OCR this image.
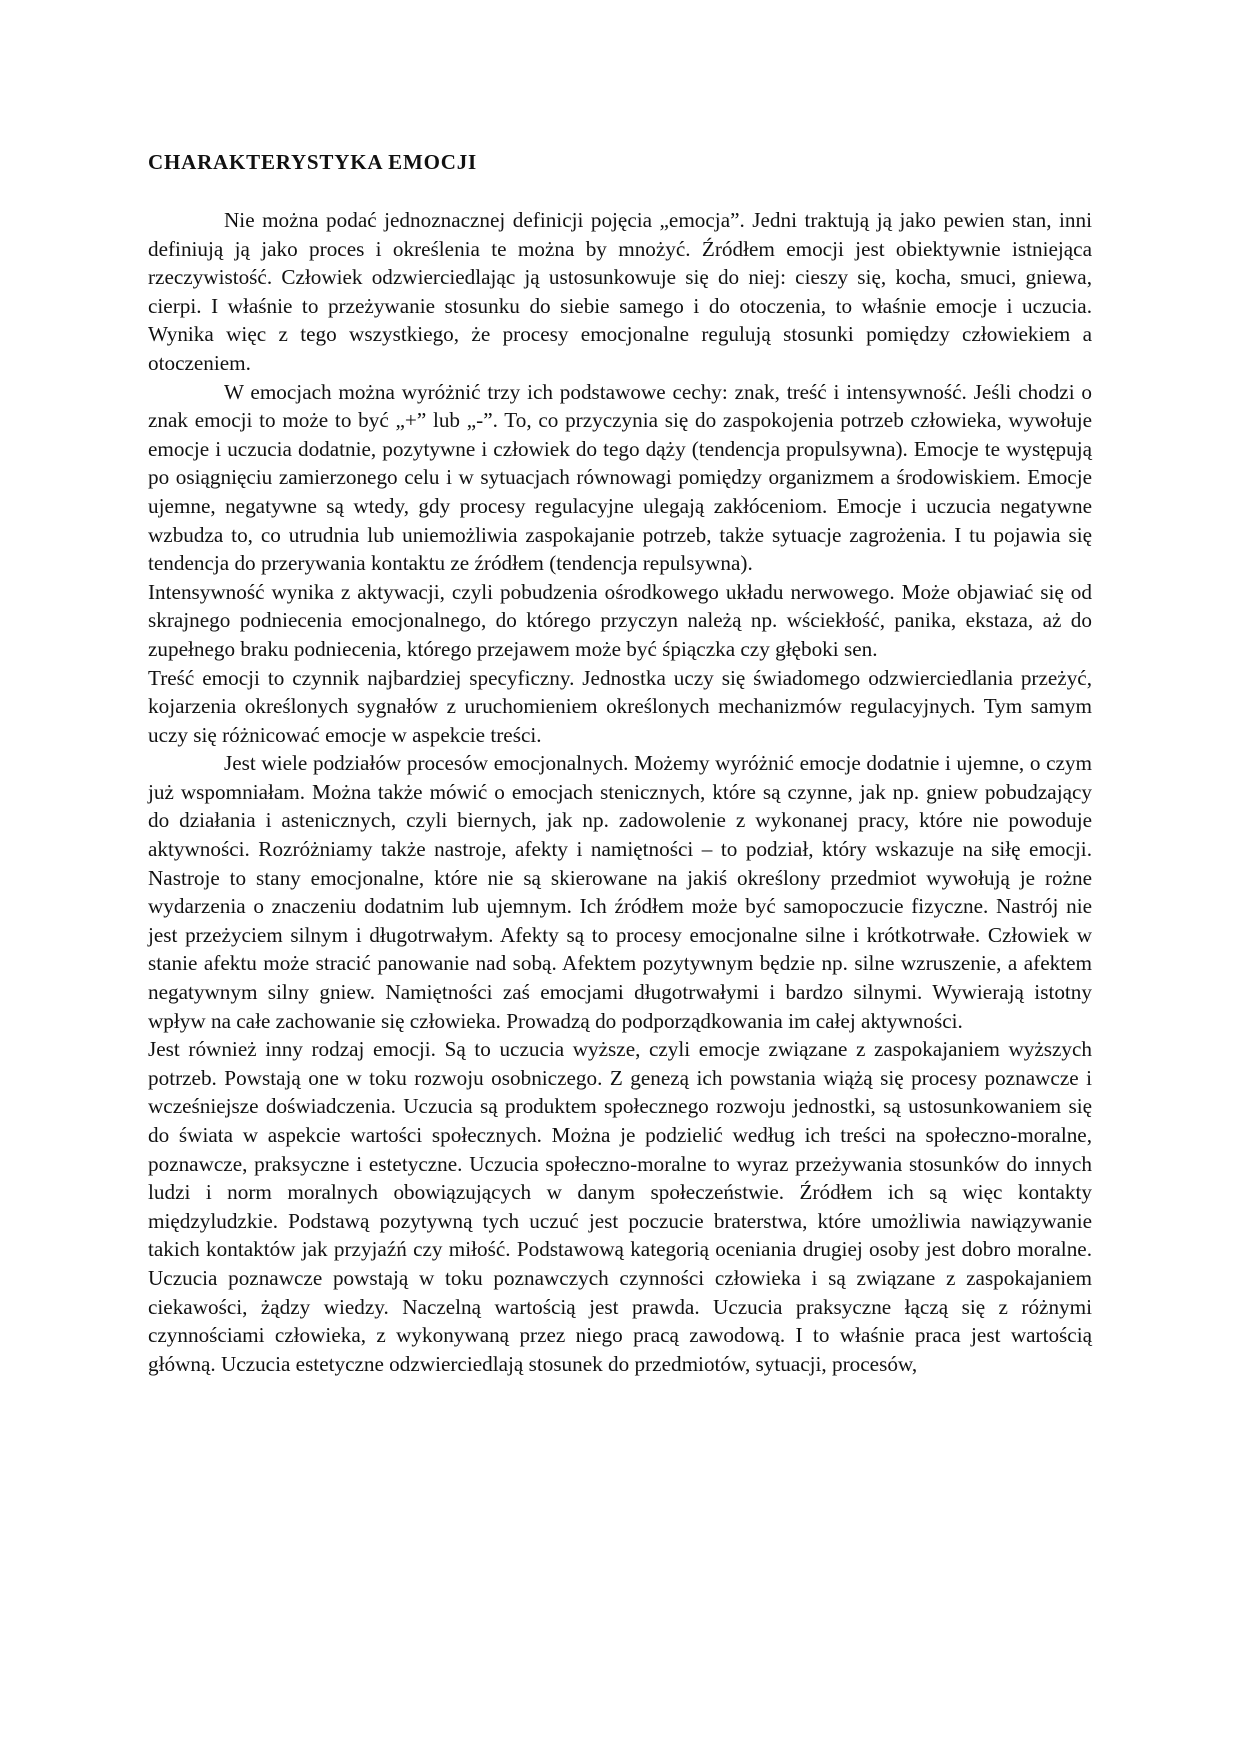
CHARAKTERYSTYKA EMOCJI

Nie można podać jednoznacznej definicji pojęcia „emocja”. Jedni traktują ją jako pewien stan, inni definiują ją jako proces i określenia te można by mnożyć. Źródłem emocji jest obiektywnie istniejąca rzeczywistość. Człowiek odzwierciedlając ją ustosunkowuje się do niej: cieszy się, kocha, smuci, gniewa, cierpi. I właśnie to przeżywanie stosunku do siebie samego i do otoczenia, to właśnie emocje i uczucia. Wynika więc z tego wszystkiego, że procesy emocjonalne regulują stosunki pomiędzy człowiekiem a otoczeniem.

W emocjach można wyróżnić trzy ich podstawowe cechy: znak, treść i intensywność. Jeśli chodzi o znak emocji to może to być „+” lub „-”. To, co przyczynia się do zaspokojenia potrzeb człowieka, wywołuje emocje i uczucia dodatnie, pozytywne i człowiek do tego dąży (tendencja propulsywna). Emocje te występują po osiągnięciu zamierzonego celu i w sytuacjach równowagi pomiędzy organizmem a środowiskiem. Emocje ujemne, negatywne są wtedy, gdy procesy regulacyjne ulegają zakłóceniom. Emocje i uczucia negatywne wzbudza to, co utrudnia lub uniemożliwia zaspokajanie potrzeb, także sytuacje zagrożenia. I tu pojawia się tendencja do przerywania kontaktu ze źródłem (tendencja repulsywna).

Intensywność wynika z aktywacji, czyli pobudzenia ośrodkowego układu nerwowego. Może objawiać się od skrajnego podniecenia emocjonalnego, do którego przyczyn należą np. wściekłość, panika, ekstaza, aż do zupełnego braku podniecenia, którego przejawem może być śpiączka czy głęboki sen.

Treść emocji to czynnik najbardziej specyficzny. Jednostka uczy się świadomego odzwierciedlania przeżyć, kojarzenia określonych sygnałów z uruchomieniem określonych mechanizmów regulacyjnych. Tym samym uczy się różnicować emocje w aspekcie treści.

Jest wiele podziałów procesów emocjonalnych. Możemy wyróżnić emocje dodatnie i ujemne, o czym już wspomniałam. Można także mówić o emocjach stenicznych, które są czynne, jak np. gniew pobudzający do działania i astenicznych, czyli biernych, jak np. zadowolenie z wykonanej pracy, które nie powoduje aktywności. Rozróżniamy także nastroje, afekty i namiętności – to podział, który wskazuje na siłę emocji. Nastroje to stany emocjonalne, które nie są skierowane na jakiś określony przedmiot wywołują je rożne wydarzenia o znaczeniu dodatnim lub ujemnym. Ich źródłem może być samopoczucie fizyczne. Nastrój nie jest przeżyciem silnym i długotrwałym. Afekty są to procesy emocjonalne silne i krótkotrwałe. Człowiek w stanie afektu może stracić panowanie nad sobą. Afektem pozytywnym będzie np. silne wzruszenie, a afektem negatywnym silny gniew. Namiętności zaś emocjami długotrwałymi i bardzo silnymi. Wywierają istotny wpływ na całe zachowanie się człowieka. Prowadzą do podporządkowania im całej aktywności.

Jest również inny rodzaj emocji. Są to uczucia wyższe, czyli emocje związane z zaspokajaniem wyższych potrzeb. Powstają one w toku rozwoju osobniczego. Z genezą ich powstania wiążą się procesy poznawcze i wcześniejsze doświadczenia. Uczucia są produktem społecznego rozwoju jednostki, są ustosunkowaniem się do świata w aspekcie wartości społecznych. Można je podzielić według ich treści na społeczno-moralne, poznawcze, praksyczne i estetyczne. Uczucia społeczno-moralne to wyraz przeżywania stosunków do innych ludzi i norm moralnych obowiązujących w danym społeczeństwie. Źródłem ich są więc kontakty międzyludzkie. Podstawą pozytywną tych uczuć jest poczucie braterstwa, które umożliwia nawiązywanie takich kontaktów jak przyjaźń czy miłość. Podstawową kategorią oceniania drugiej osoby jest dobro moralne. Uczucia poznawcze powstają w toku poznawczych czynności człowieka i są związane z zaspokajaniem ciekawości, żądzy wiedzy. Naczelną wartością jest prawda. Uczucia praksyczne łączą się z różnymi czynnościami człowieka, z wykonywaną przez niego pracą zawodową. I to właśnie praca jest wartością główną. Uczucia estetyczne odzwierciedlają stosunek do przedmiotów, sytuacji, procesów,
